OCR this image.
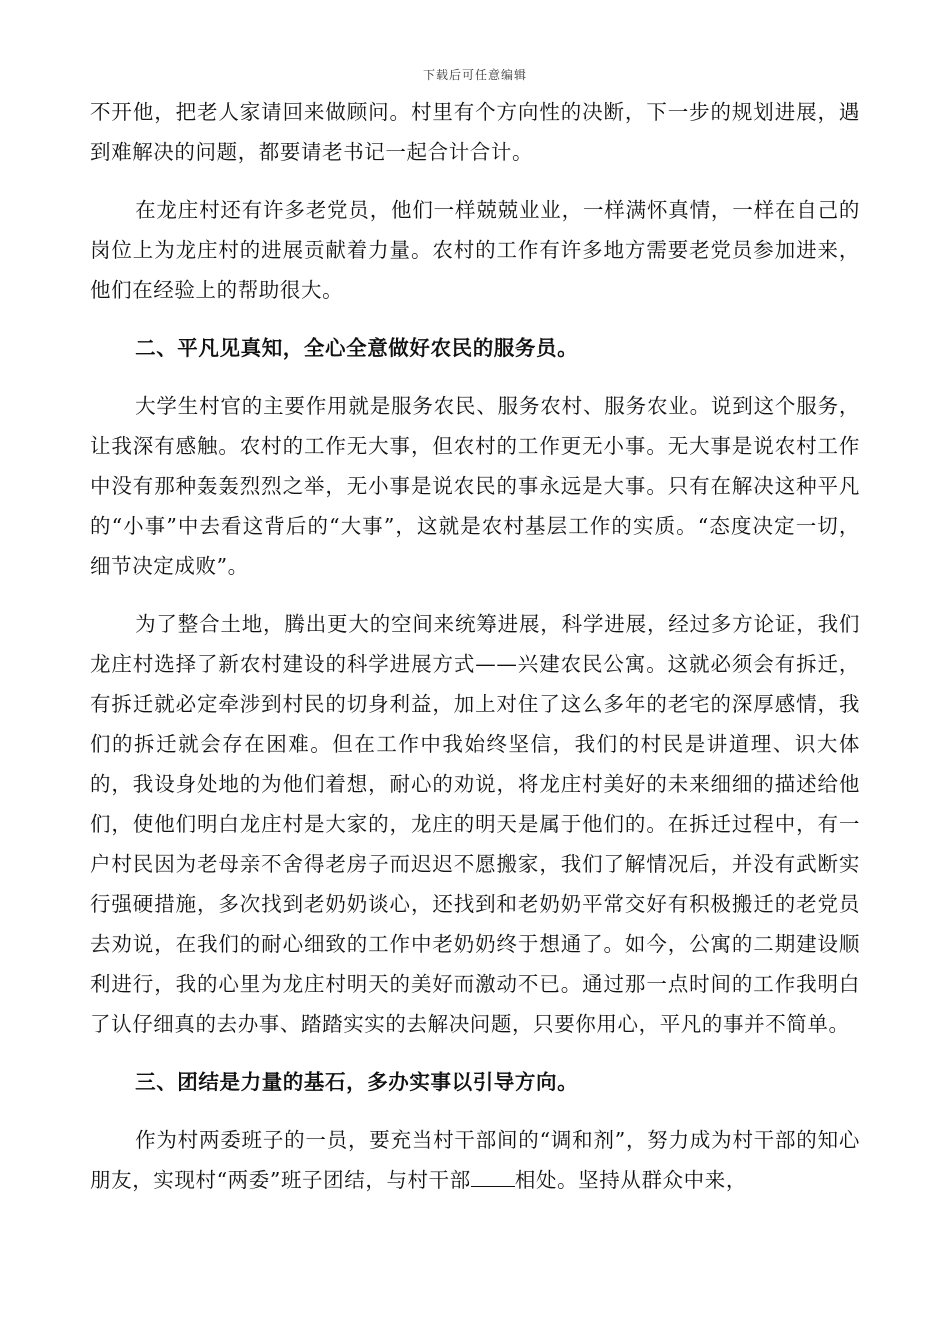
下载后可任意编辑

不开他，把老人家请回来做顾问。村里有个方向性的决断，下一步的规划进展，遇到难解决的问题，都要请老书记一起合计合计。

在龙庄村还有许多老党员，他们一样兢兢业业，一样满怀真情，一样在自己的岗位上为龙庄村的进展贡献着力量。农村的工作有许多地方需要老党员参加进来，他们在经验上的帮助很大。

二、平凡见真知，全心全意做好农民的服务员。

大学生村官的主要作用就是服务农民、服务农村、服务农业。说到这个服务，让我深有感触。农村的工作无大事，但农村的工作更无小事。无大事是说农村工作中没有那种轰轰烈烈之举，无小事是说农民的事永远是大事。只有在解决这种平凡的“小事”中去看这背后的“大事”，这就是农村基层工作的实质。“态度决定一切，细节决定成败”。

为了整合土地，腾出更大的空间来统筹进展，科学进展，经过多方论证，我们龙庄村选择了新农村建设的科学进展方式——兴建农民公寓。这就必须会有拆迁，有拆迁就必定牵涉到村民的切身利益，加上对住了这么多年的老宅的深厚感情，我们的拆迁就会存在困难。但在工作中我始终坚信，我们的村民是讲道理、识大体的，我设身处地的为他们着想，耐心的劝说，将龙庄村美好的未来细细的描述给他们，使他们明白龙庄村是大家的，龙庄的明天是属于他们的。在拆迁过程中，有一户村民因为老母亲不舍得老房子而迟迟不愿搬家，我们了解情况后，并没有武断实行强硬措施，多次找到老奶奶谈心，还找到和老奶奶平常交好有积极搬迁的老党员去劝说，在我们的耐心细致的工作中老奶奶终于想通了。如今，公寓的二期建设顺利进行，我的心里为龙庄村明天的美好而激动不已。通过那一点时间的工作我明白了认仔细真的去办事、踏踏实实的去解决问题，只要你用心，平凡的事并不简单。

三、团结是力量的基石，多办实事以引导方向。

作为村两委班子的一员，要充当村干部间的“调和剂”，努力成为村干部的知心朋友，实现村“两委”班子团结，与村干部 相处。坚持从群众中来，
